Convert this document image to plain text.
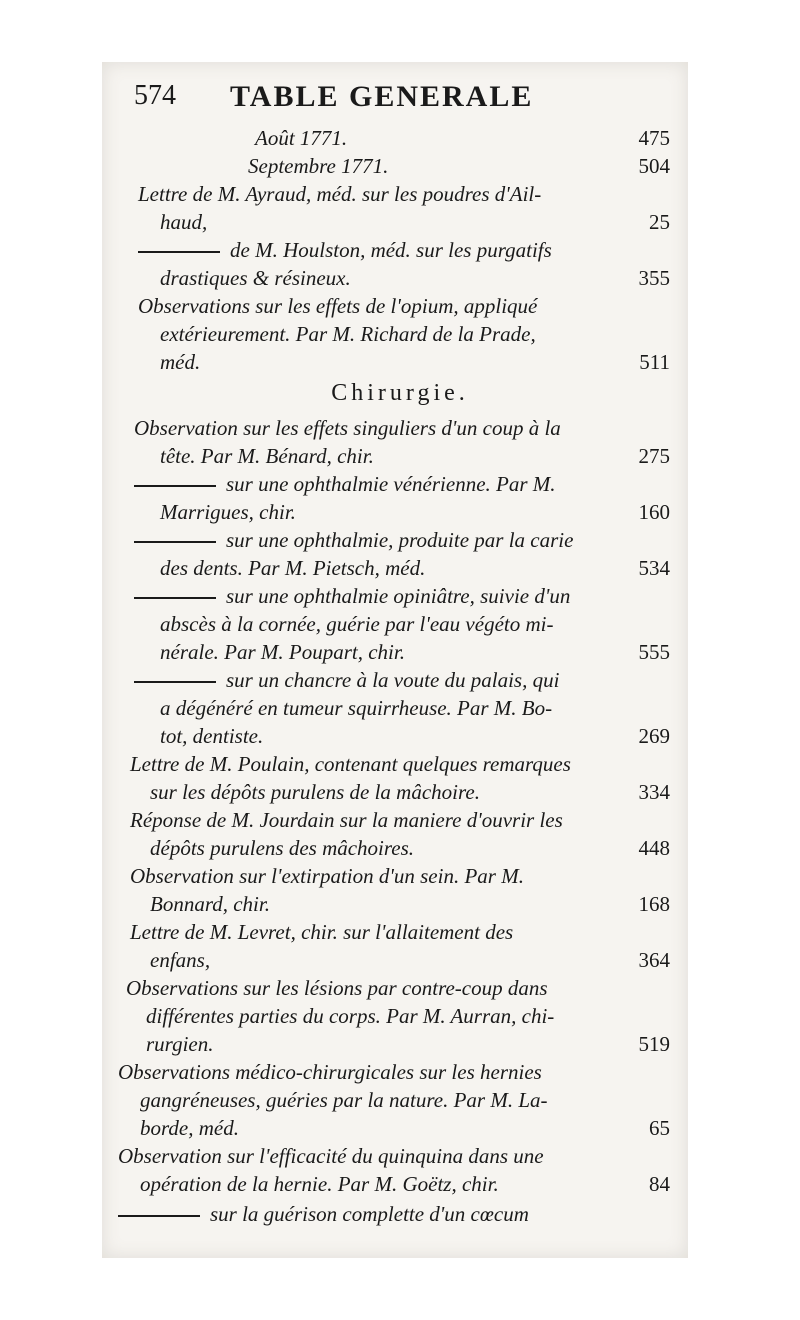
574 TABLE GENERALE
Août 1771.	475
Septembre 1771.	504
Lettre de M. Ayraud, méd. sur les poudres d'Ail-
haud,	25
de M. Houlston, méd. sur les purgatifs
drastiques & résineux.	355
Observations sur les effets de l'opium, appliqué
extérieurement. Par M. Richard de la Prade,
méd.	511
Chirurgie.
Observation sur les effets singuliers d'un coup à la
tête. Par M. Bénard, chir.	275
sur une ophthalmie vénérienne. Par M.
Marrigues, chir.	160
sur une ophthalmie, produite par la carie
des dents. Par M. Pietsch, méd.	534
sur une ophthalmie opiniâtre, suivie d'un
abscès à la cornée, guérie par l'eau végéto mi-
nérale. Par M. Poupart, chir.	555
sur un chancre à la voute du palais, qui
a dégénéré en tumeur squirrheuse. Par M. Bo-
tot, dentiste.	269
Lettre de M. Poulain, contenant quelques remarques
sur les dépôts purulens de la mâchoire.	334
Réponse de M. Jourdain sur la maniere d'ouvrir les
dépôts purulens des mâchoires.	448
Observation sur l'extirpation d'un sein. Par M.
Bonnard, chir.	168
Lettre de M. Levret, chir. sur l'allaitement des
enfans,	364
Observations sur les lésions par contre-coup dans
différentes parties du corps. Par M. Aurran, chi-
rurgien.	519
Observations médico-chirurgicales sur les hernies
gangréneuses, guéries par la nature. Par M. La-
borde, méd.	65
Observation sur l'efficacité du quinquina dans une
opération de la hernie. Par M. Goëtz, chir.	84
sur la guérison complette d'un cœcum
